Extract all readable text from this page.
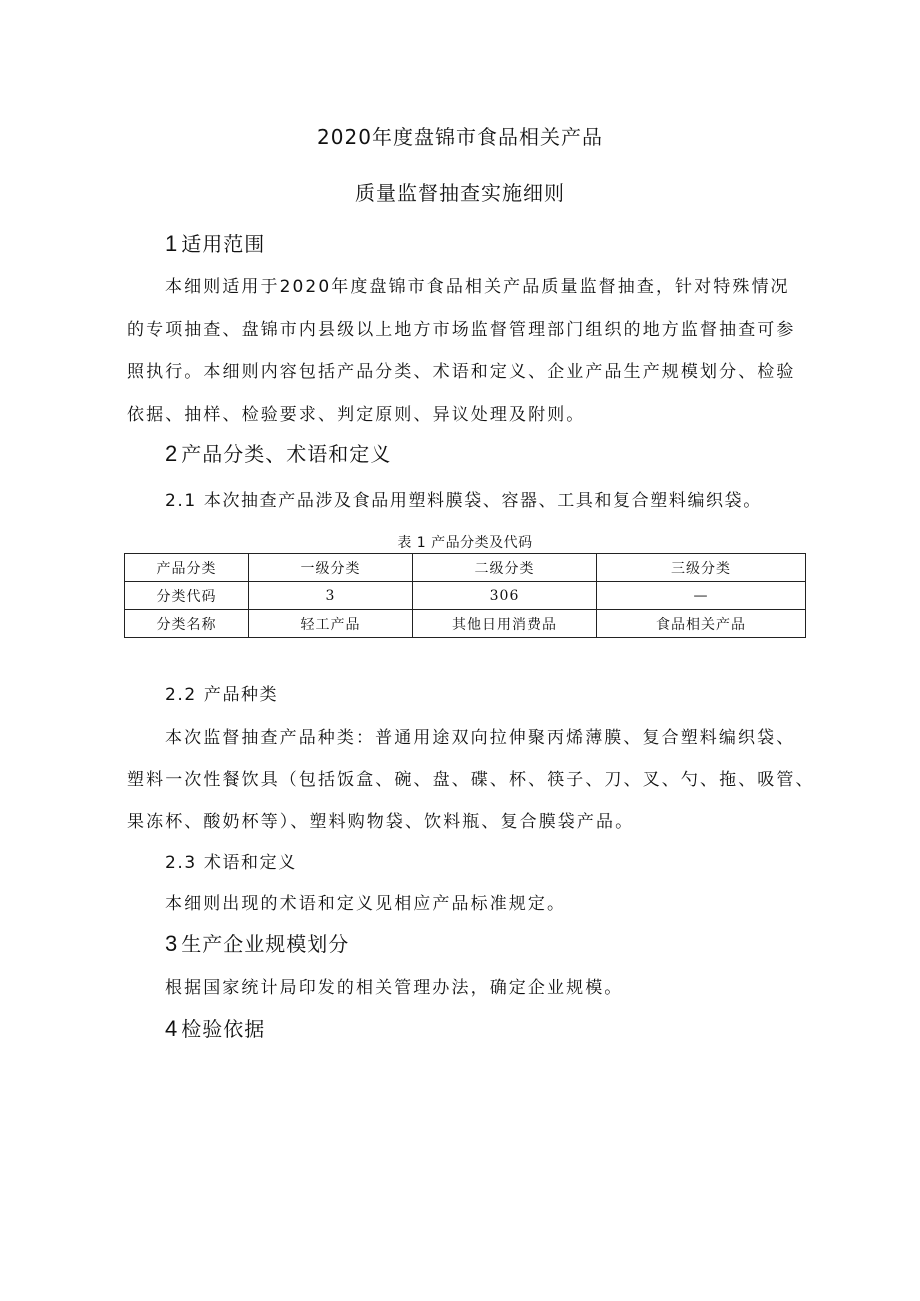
2020年度盘锦市食品相关产品

质量监督抽查实施细则

1 适用范围

本细则适用于2020年度盘锦市食品相关产品质量监督抽查，针对特殊情况

的专项抽查、盘锦市内县级以上地方市场监督管理部门组织的地方监督抽查可参

照执行。本细则内容包括产品分类、术语和定义、企业产品生产规模划分、检验

依据、抽样、检验要求、判定原则、异议处理及附则。

2 产品分类、术语和定义

2.1 本次抽查产品涉及食品用塑料膜袋、容器、工具和复合塑料编织袋。

表 1 产品分类及代码

产品分类	一级分类	二级分类	三级分类
分类代码	3	306	—
分类名称	轻工产品	其他日用消费品	食品相关产品

2.2 产品种类

本次监督抽查产品种类：普通用途双向拉伸聚丙烯薄膜、复合塑料编织袋、

塑料一次性餐饮具（包括饭盒、碗、盘、碟、杯、筷子、刀、叉、勺、拖、吸管、

果冻杯、酸奶杯等）、塑料购物袋、饮料瓶、复合膜袋产品。

2.3 术语和定义

本细则出现的术语和定义见相应产品标准规定。

3 生产企业规模划分

根据国家统计局印发的相关管理办法，确定企业规模。

4 检验依据
